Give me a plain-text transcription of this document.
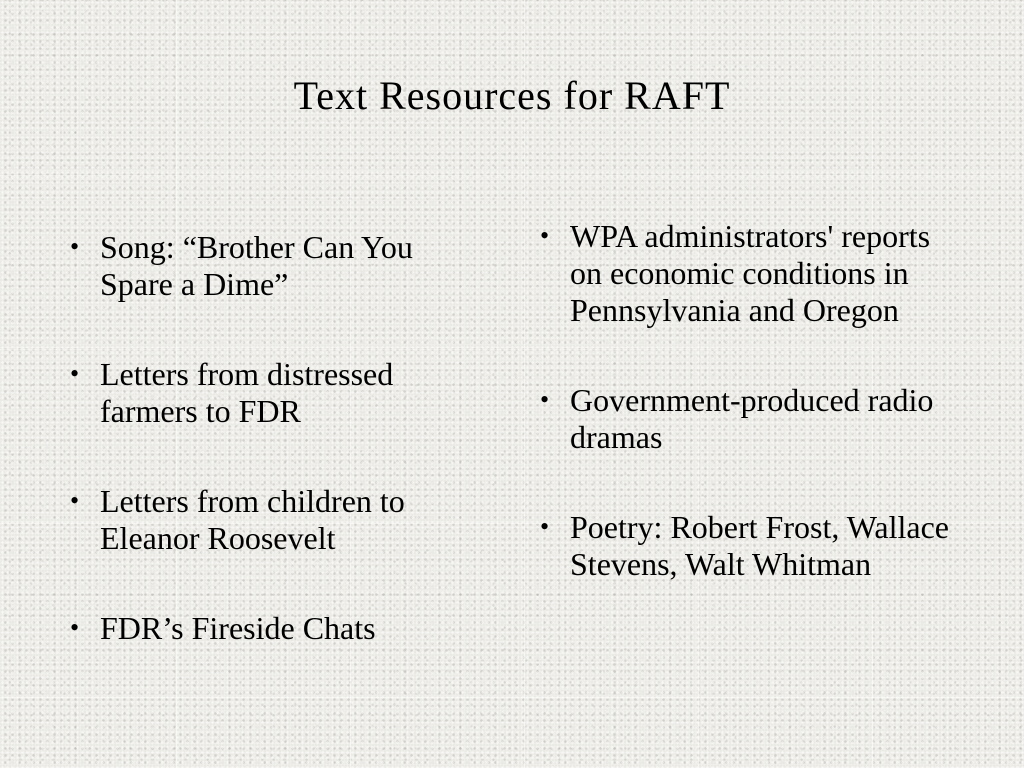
Text Resources for RAFT
• Song: “Brother Can You Spare a Dime”
• Letters from distressed farmers to FDR
• Letters from children to Eleanor Roosevelt
• FDR’s Fireside Chats
• WPA administrators' reports on economic conditions in Pennsylvania and Oregon
• Government-produced radio dramas
• Poetry: Robert Frost, Wallace Stevens, Walt Whitman
